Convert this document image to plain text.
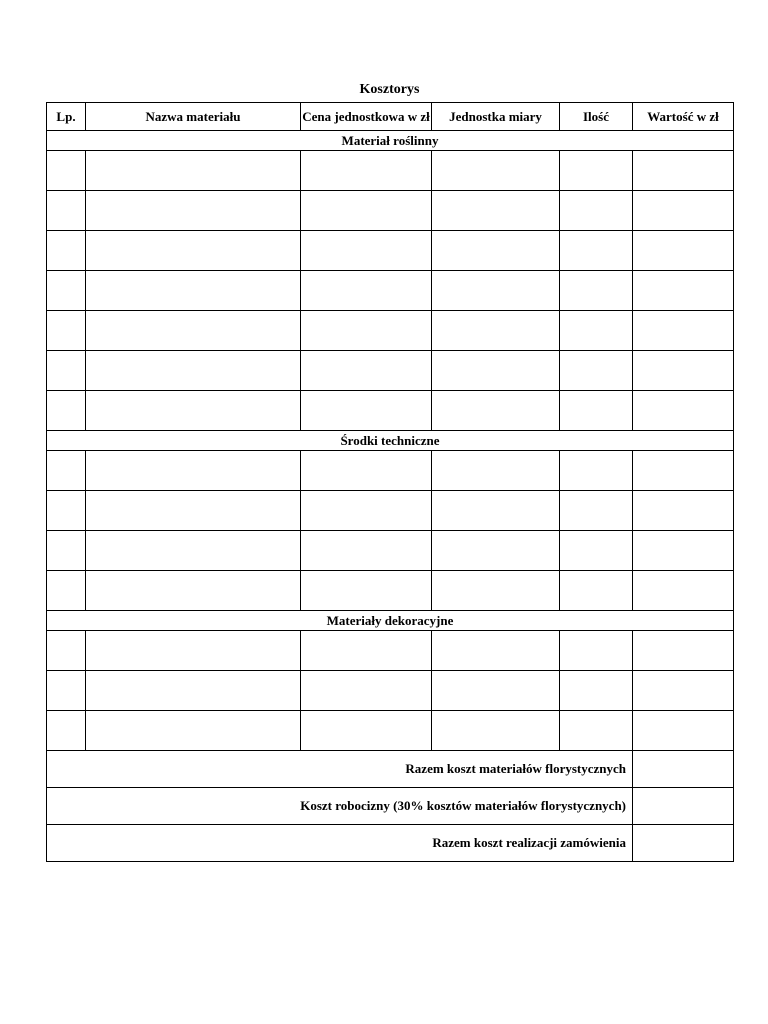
Kosztorys
Lp.	Nazwa materiału	Cena jednostkowa w zł	Jednostka miary	Ilość	Wartość w zł
Materiał roślinny					

Środki techniczne					

Materiały dekoracyjne					

Razem koszt materiałów florystycznych					
Koszt robocizny (30% kosztów materiałów florystycznych)					
Razem koszt realizacji zamówienia					
